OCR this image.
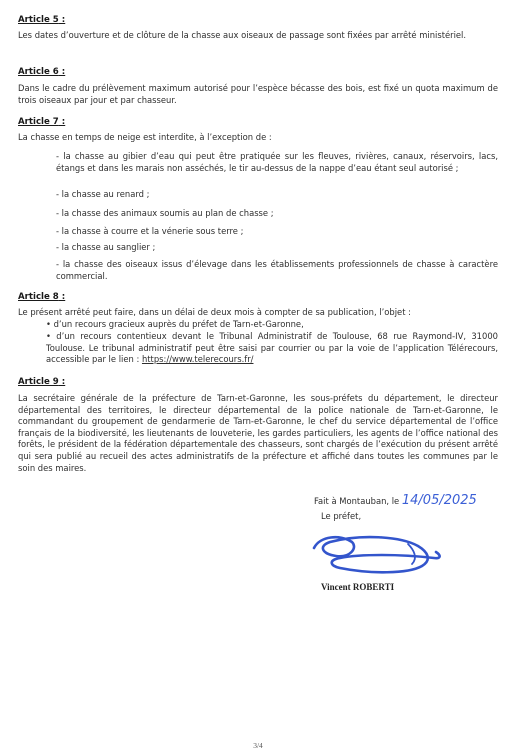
Article 5 :
Les dates d’ouverture et de clôture de la chasse aux oiseaux de passage sont fixées par arrêté ministériel.
Article 6 :
Dans le cadre du prélèvement maximum autorisé pour l’espèce bécasse des bois, est fixé un quota maximum de trois oiseaux par jour et par chasseur.
Article 7 :
La chasse en temps de neige est interdite, à l’exception de :
- la chasse au gibier d’eau qui peut être pratiquée sur les fleuves, rivières, canaux, réservoirs, lacs, étangs et dans les marais non asséchés, le tir au-dessus de la nappe d’eau étant seul autorisé ;
- la chasse au renard ;
- la chasse des animaux soumis au plan de chasse ;
- la chasse à courre et la vénerie sous terre ;
- la chasse au sanglier ;
- la chasse des oiseaux issus d’élevage dans les établissements professionnels de chasse à caractère commercial.
Article 8 :
Le présent arrêté peut faire, dans un délai de deux mois à compter de sa publication, l’objet :
• d’un recours gracieux auprès du préfet de Tarn-et-Garonne,
• d’un recours contentieux devant le Tribunal Administratif de Toulouse, 68 rue Raymond-IV, 31000 Toulouse. Le tribunal administratif peut être saisi par courrier ou par la voie de l’application Télérecours, accessible par le lien : https://www.telerecours.fr/
Article 9 :
La secrétaire générale de la préfecture de Tarn-et-Garonne, les sous-préfets du département, le directeur départemental des territoires, le directeur départemental de la police nationale de Tarn-et-Garonne, le commandant du groupement de gendarmerie de Tarn-et-Garonne, le chef du service départemental de l’office français de la biodiversité, les lieutenants de louveterie, les gardes particuliers, les agents de l’office national des forêts, le président de la fédération départementale des chasseurs, sont chargés de l’exécution du présent arrêté qui sera publié au recueil des actes administratifs de la préfecture et affiché dans toutes les communes par le soin des maires.
Fait à Montauban, le 14/05/2025
Le préfet,
Vincent ROBERTI
3/4
